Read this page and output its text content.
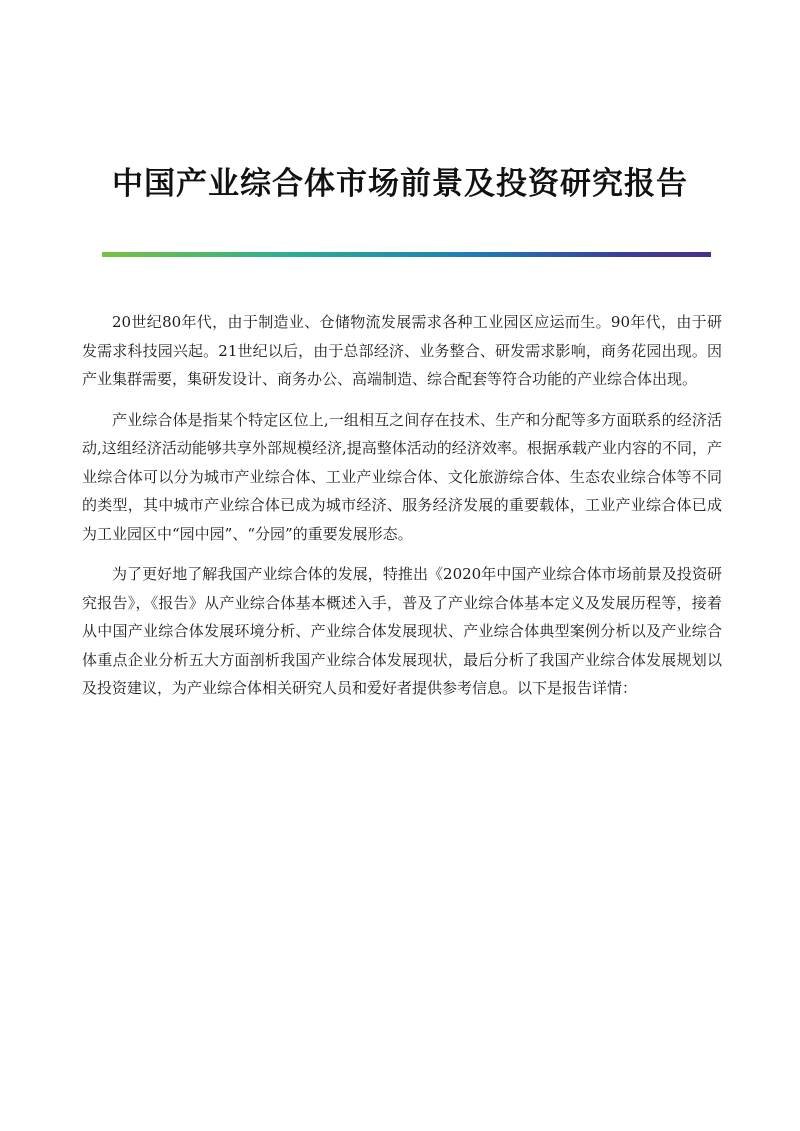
中国产业综合体市场前景及投资研究报告

20世纪80年代，由于制造业、仓储物流发展需求各种工业园区应运而生。90年代，由于研发需求科技园兴起。21世纪以后，由于总部经济、业务整合、研发需求影响，商务花园出现。因产业集群需要，集研发设计、商务办公、高端制造、综合配套等符合功能的产业综合体出现。

产业综合体是指某个特定区位上,一组相互之间存在技术、生产和分配等多方面联系的经济活动,这组经济活动能够共享外部规模经济,提高整体活动的经济效率。根据承载产业内容的不同，产业综合体可以分为城市产业综合体、工业产业综合体、文化旅游综合体、生态农业综合体等不同的类型，其中城市产业综合体已成为城市经济、服务经济发展的重要载体，工业产业综合体已成为工业园区中“园中园”、“分园”的重要发展形态。

为了更好地了解我国产业综合体的发展，特推出《2020年中国产业综合体市场前景及投资研究报告》，《报告》从产业综合体基本概述入手，普及了产业综合体基本定义及发展历程等，接着从中国产业综合体发展环境分析、产业综合体发展现状、产业综合体典型案例分析以及产业综合体重点企业分析五大方面剖析我国产业综合体发展现状，最后分析了我国产业综合体发展规划以及投资建议，为产业综合体相关研究人员和爱好者提供参考信息。以下是报告详情：
